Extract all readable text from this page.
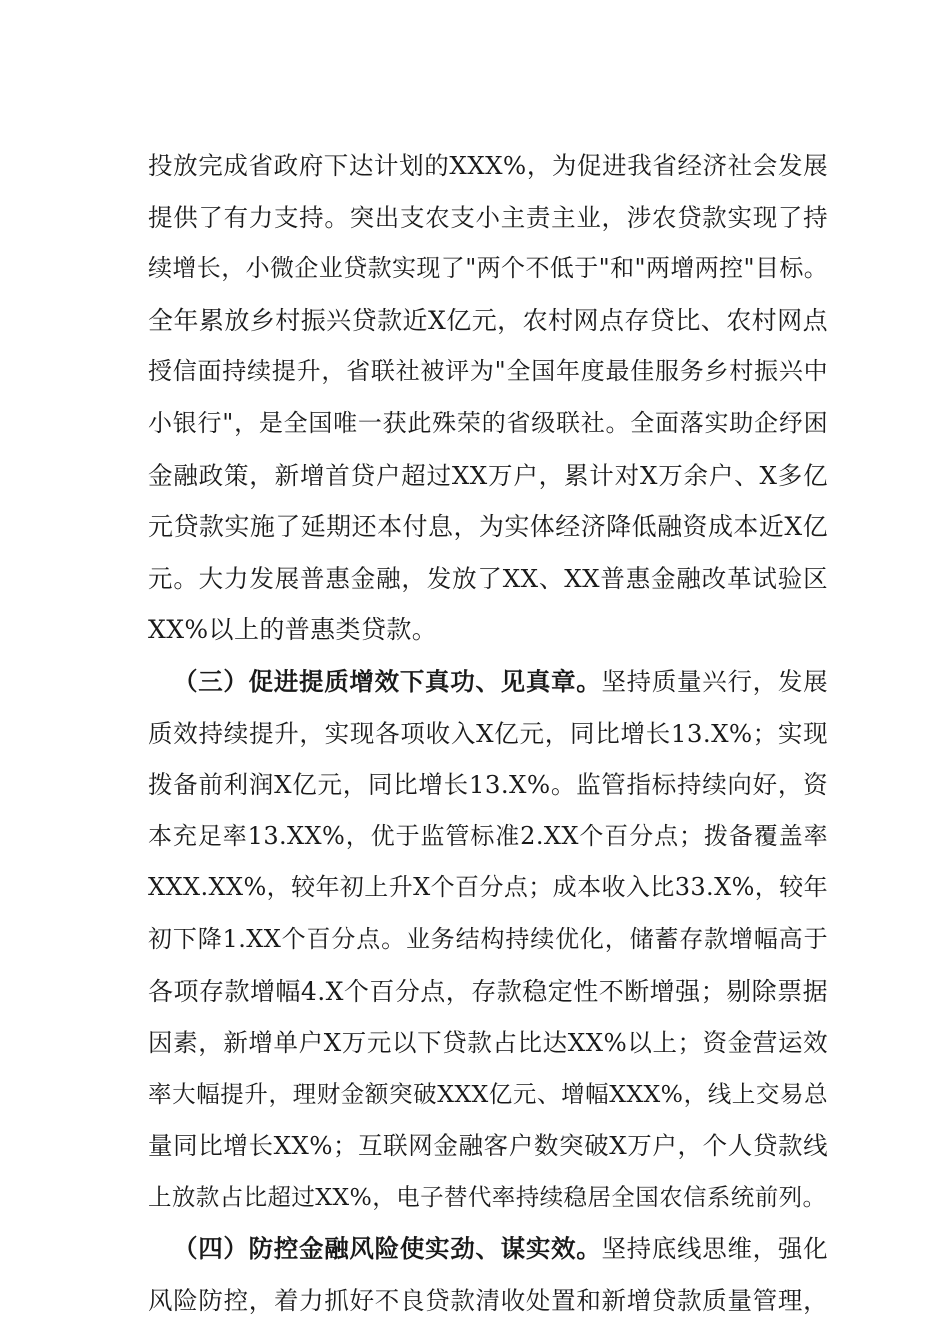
投放完成省政府下达计划的XXX%，为促进我省经济社会发展
提供了有力支持。突出支农支小主责主业，涉农贷款实现了持
续增长，小微企业贷款实现了"两个不低于"和"两增两控"目标。
全年累放乡村振兴贷款近X亿元，农村网点存贷比、农村网点
授信面持续提升，省联社被评为"全国年度最佳服务乡村振兴中
小银行"，是全国唯一获此殊荣的省级联社。全面落实助企纾困
金融政策，新增首贷户超过XX万户，累计对X万余户、X多亿
元贷款实施了延期还本付息，为实体经济降低融资成本近X亿
元。大力发展普惠金融，发放了XX、XX普惠金融改革试验区
XX%以上的普惠类贷款。
（三）促进提质增效下真功、见真章。坚持质量兴行，发展
质效持续提升，实现各项收入X亿元，同比增长13.X%；实现
拨备前利润X亿元，同比增长13.X%。监管指标持续向好，资
本充足率13.XX%，优于监管标准2.XX个百分点；拨备覆盖率
XXX.XX%，较年初上升X个百分点；成本收入比33.X%，较年
初下降1.XX个百分点。业务结构持续优化，储蓄存款增幅高于
各项存款增幅4.X个百分点，存款稳定性不断增强；剔除票据
因素，新增单户X万元以下贷款占比达XX%以上；资金营运效
率大幅提升，理财金额突破XXX亿元、增幅XXX%，线上交易总
量同比增长XX%；互联网金融客户数突破X万户，个人贷款线
上放款占比超过XX%，电子替代率持续稳居全国农信系统前列。
（四）防控金融风险使实劲、谋实效。坚持底线思维，强化
风险防控，着力抓好不良贷款清收处置和新增贷款质量管理，
